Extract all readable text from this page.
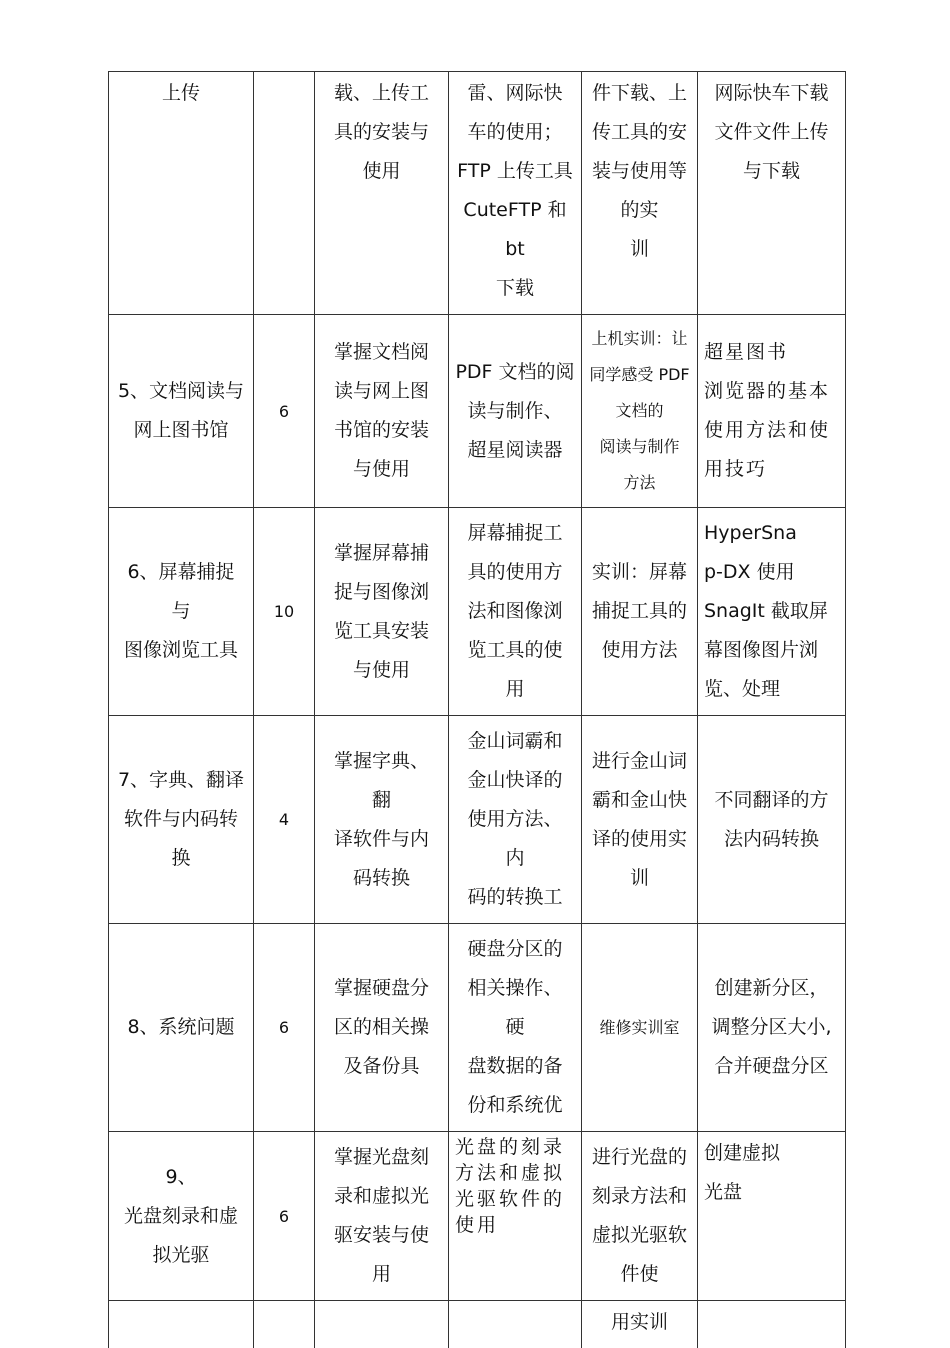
上传		载、上传工
具的安装与
使用	雷、网际快
车的使用；
FTP 上传工具
CuteFTP 和 bt
下载	件下载、上
传工具的安
装与使用等
的实
训	网际快车下载
文件文件上传
与下载

5、文档阅读与
网上图书馆	6	掌握文档阅
读与网上图
书馆的安装
与使用	PDF 文档的阅
读与制作、
超星阅读器	上机实训：让
同学感受 PDF
文档的
阅读与制作
方法	超星图书
浏览器的基本
使用方法和使
用技巧

6、屏幕捕捉
与
图像浏览工具	10	掌握屏幕捕
捉与图像浏
览工具安装
与使用	屏幕捕捉工
具的使用方
法和图像浏
览工具的使
用	实训：屏幕
捕捉工具的
使用方法	HyperSna
p-DX 使用
SnagIt 截取屏
幕图像图片浏
览、处理

7、字典、翻译
软件与内码转
换	4	掌握字典、
翻
译软件与内
码转换	金山词霸和
金山快译的
使用方法、
内
码的转换工	进行金山词
霸和金山快
译的使用实
训	不同翻译的方
法内码转换

8、系统问题	6	掌握硬盘分
区的相关操
及备份具	硬盘分区的
相关操作、
硬
盘数据的备
份和系统优	维修实训室	创建新分区，
调整分区大小,
合并硬盘分区

9、
光盘刻录和虚
拟光驱	6	掌握光盘刻
录和虚拟光
驱安装与使
用	光盘的刻录
方法和虚拟
光驱软件的
使用	进行光盘的
刻录方法和
虚拟光驱软
件使	创建虚拟
光盘

				用实训	
